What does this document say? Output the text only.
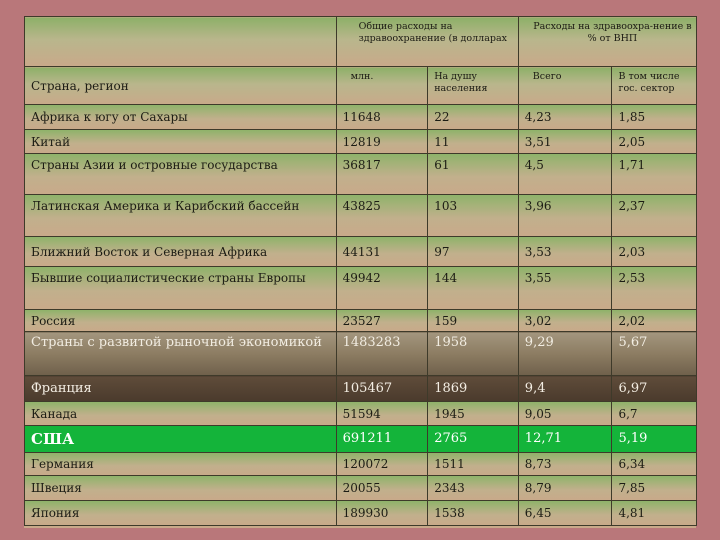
	Общие расходы на здравоохранение (в долларах		Расходы на здравоохра-нение в % от ВНП	
Страна, регион	млн.	На душу населения	Всего	В том числе гос. сектор
Африка к югу от Сахары	11648	22	4,23	1,85
Китай	12819	11	3,51	2,05
Страны Азии и островные государства	36817	61	4,5	1,71
Латинская Америка и Карибский бассейн	43825	103	3,96	2,37
Ближний Восток и Северная Африка	44131	97	3,53	2,03
Бывшие социалистические страны Европы	49942	144	3,55	2,53
Россия	23527	159	3,02	2,02
Страны с развитой рыночной экономикой	1483283	1958	9,29	5,67
Франция	105467	1869	9,4	6,97
Канада	51594	1945	9,05	6,7
США	691211	2765	12,71	5,19
Германия	120072	1511	8,73	6,34
Швеция	20055	2343	8,79	7,85
Япония	189930	1538	6,45	4,81
